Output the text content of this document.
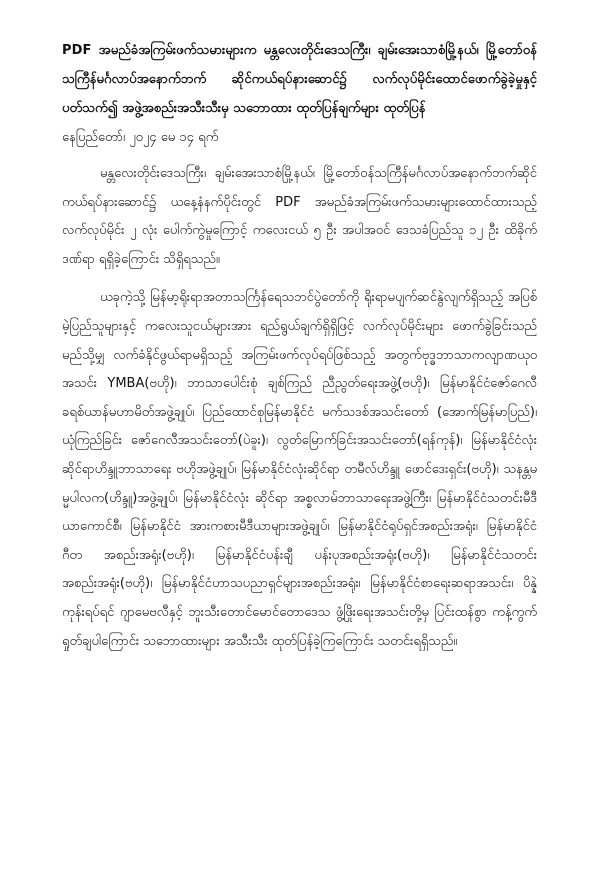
PDF အမည်ခံအကြမ်းဖက်သမားများက မန္တလေးတိုင်းဒေသကြီး၊ ချမ်းအေးသာစံမြို့နယ်၊ မြို့တော်ဝန်သကြီန်မင်္ဂလာပ်အနောက်ဘက် ဆိုင်ကယ်ရပ်နားဆောင်၌ လက်လုပ်မိုင်းထောင်ဖောက်ခွဲခဲ့မှုနှင့် ပတ်သက်၍ အဖွဲ့အစည်းအသီးသီးမှ သဘောထား ထုတ်ပြန်ချက်များ ထုတ်ပြန်

နေပြည်တော်၊ ၂၀၂၄ မေ ၁၄ ရက်

မန္တလေးတိုင်းဒေသကြီး၊ ချမ်းအေးသာစံမြို့နယ်၊ မြို့တော်ဝန်သကြီန်မင်္ဂလာပ်အနောက်ဘက်ဆိုင်ကယ်ရပ်နားဆောင်၌ ယနေ့နံနက်ပိုင်းတွင် PDF အမည်ခံအကြမ်းဖက်သမားများထောင်ထားသည့် လက်လုပ်မိုင်း ၂ လုံး ပေါက်ကွဲမှုကြောင့် ကလေးငယ် ၅ ဦး အပါအဝင် ဒေသခံပြည်သူ ၁၂ ဦး ထိခိုက်ဒဏ်ရာ ရရှိခဲ့ကြောင်း သိရှိရသည်။

ယခုကဲ့သို့ မြန်မာ့ရိုးရာအတာသင်္ကြန်ရေသဘင်ပွဲတော်ကို ရိုးရာမပျက်ဆင်နွဲလျက်ရှိသည့် အပြစ်မဲ့ပြည်သူများနှင့် ကလေးသူငယ်များအား ရည်ရွယ်ချက်ရှိရှိဖြင့် လက်လုပ်မိုင်းများ ဖောက်ခွဲခြင်းသည် မည်သို့မျှ လက်ခံနိုင်ဖွယ်ရာမရှိသည့် အကြမ်းဖက်လုပ်ရပ်ဖြစ်သည့် အတွက်ဗုဒ္ဓဘာသာကလျာဏယုဝအသင်း YMBA(ဗဟို)၊ ဘာသာပေါင်းစုံ ချစ်ကြည် ညီညွတ်ရေးအဖွဲ့(ဗဟို)၊ မြန်မာနိုင်ငံဇော်ဂေလီ ခရစ်ယာန်မဟာမိတ်အဖွဲ့ချုပ်၊ ပြည်ထောင်စုမြန်မာနိုင်ငံ မက်သဒစ်အသင်းတော် (အောက်မြန်မာပြည်)၊ ယုံကြည်ခြင်း ဇော်ဂေလီအသင်းတော်(ပဲခူး)၊ လွတ်မြောက်ခြင်းအသင်းတော်(ရန်ကုန်)၊ မြန်မာနိုင်ငံလုံး ဆိုင်ရာဟိန္ဒူဘာသာရေး ဗဟိုအဖွဲ့ချုပ်၊ မြန်မာနိုင်ငံလုံးဆိုင်ရာ တမီလ်ဟိန္ဒူ ဖောင်ဒေးရှင်း(ဗဟို)၊ သနန္တမမ္မပါလက(ဟိန္ဒူ)အဖွဲ့ချုပ်၊ မြန်မာနိုင်ငံလုံး ဆိုင်ရာ အစ္စလာမ်ဘာသာရေးအဖွဲ့ကြီး၊ မြန်မာနိုင်ငံသတင်းမီဒီယာကောင်စီ၊ မြန်မာနိုင်ငံ အားကစားမီဒီယာများအဖွဲ့ချုပ်၊ မြန်မာနိုင်ငံရုပ်ရှင်အစည်းအရုံး၊ မြန်မာနိုင်ငံဂီတ အစည်းအရုံး(ဗဟို)၊ မြန်မာနိုင်ငံပန်းချီ ပန်းပုအစည်းအရုံး(ဗဟို)၊ မြန်မာနိုင်ငံသတင်း အစည်းအရုံး(ဗဟို)၊ မြန်မာနိုင်ငံဟာသပညာရှင်များအစည်းအရုံး၊ မြန်မာနိုင်ငံစာရေးဆရာအသင်း၊ ပိန္နဲကုန်းရပ်ရင် ဂျာမေဗလီနှင့် ဘူးသီးတောင်မောင်တောဒေသ ဖွံ့ဖြိုးရေးအသင်းတို့မှ ပြင်းထန်စွာ ကန့်ကွက်ရှုတ်ချပါကြောင်း သဘောထားများ အသီးသီး ထုတ်ပြန်ခဲ့ကြကြောင်း သတင်းရရှိသည်။
